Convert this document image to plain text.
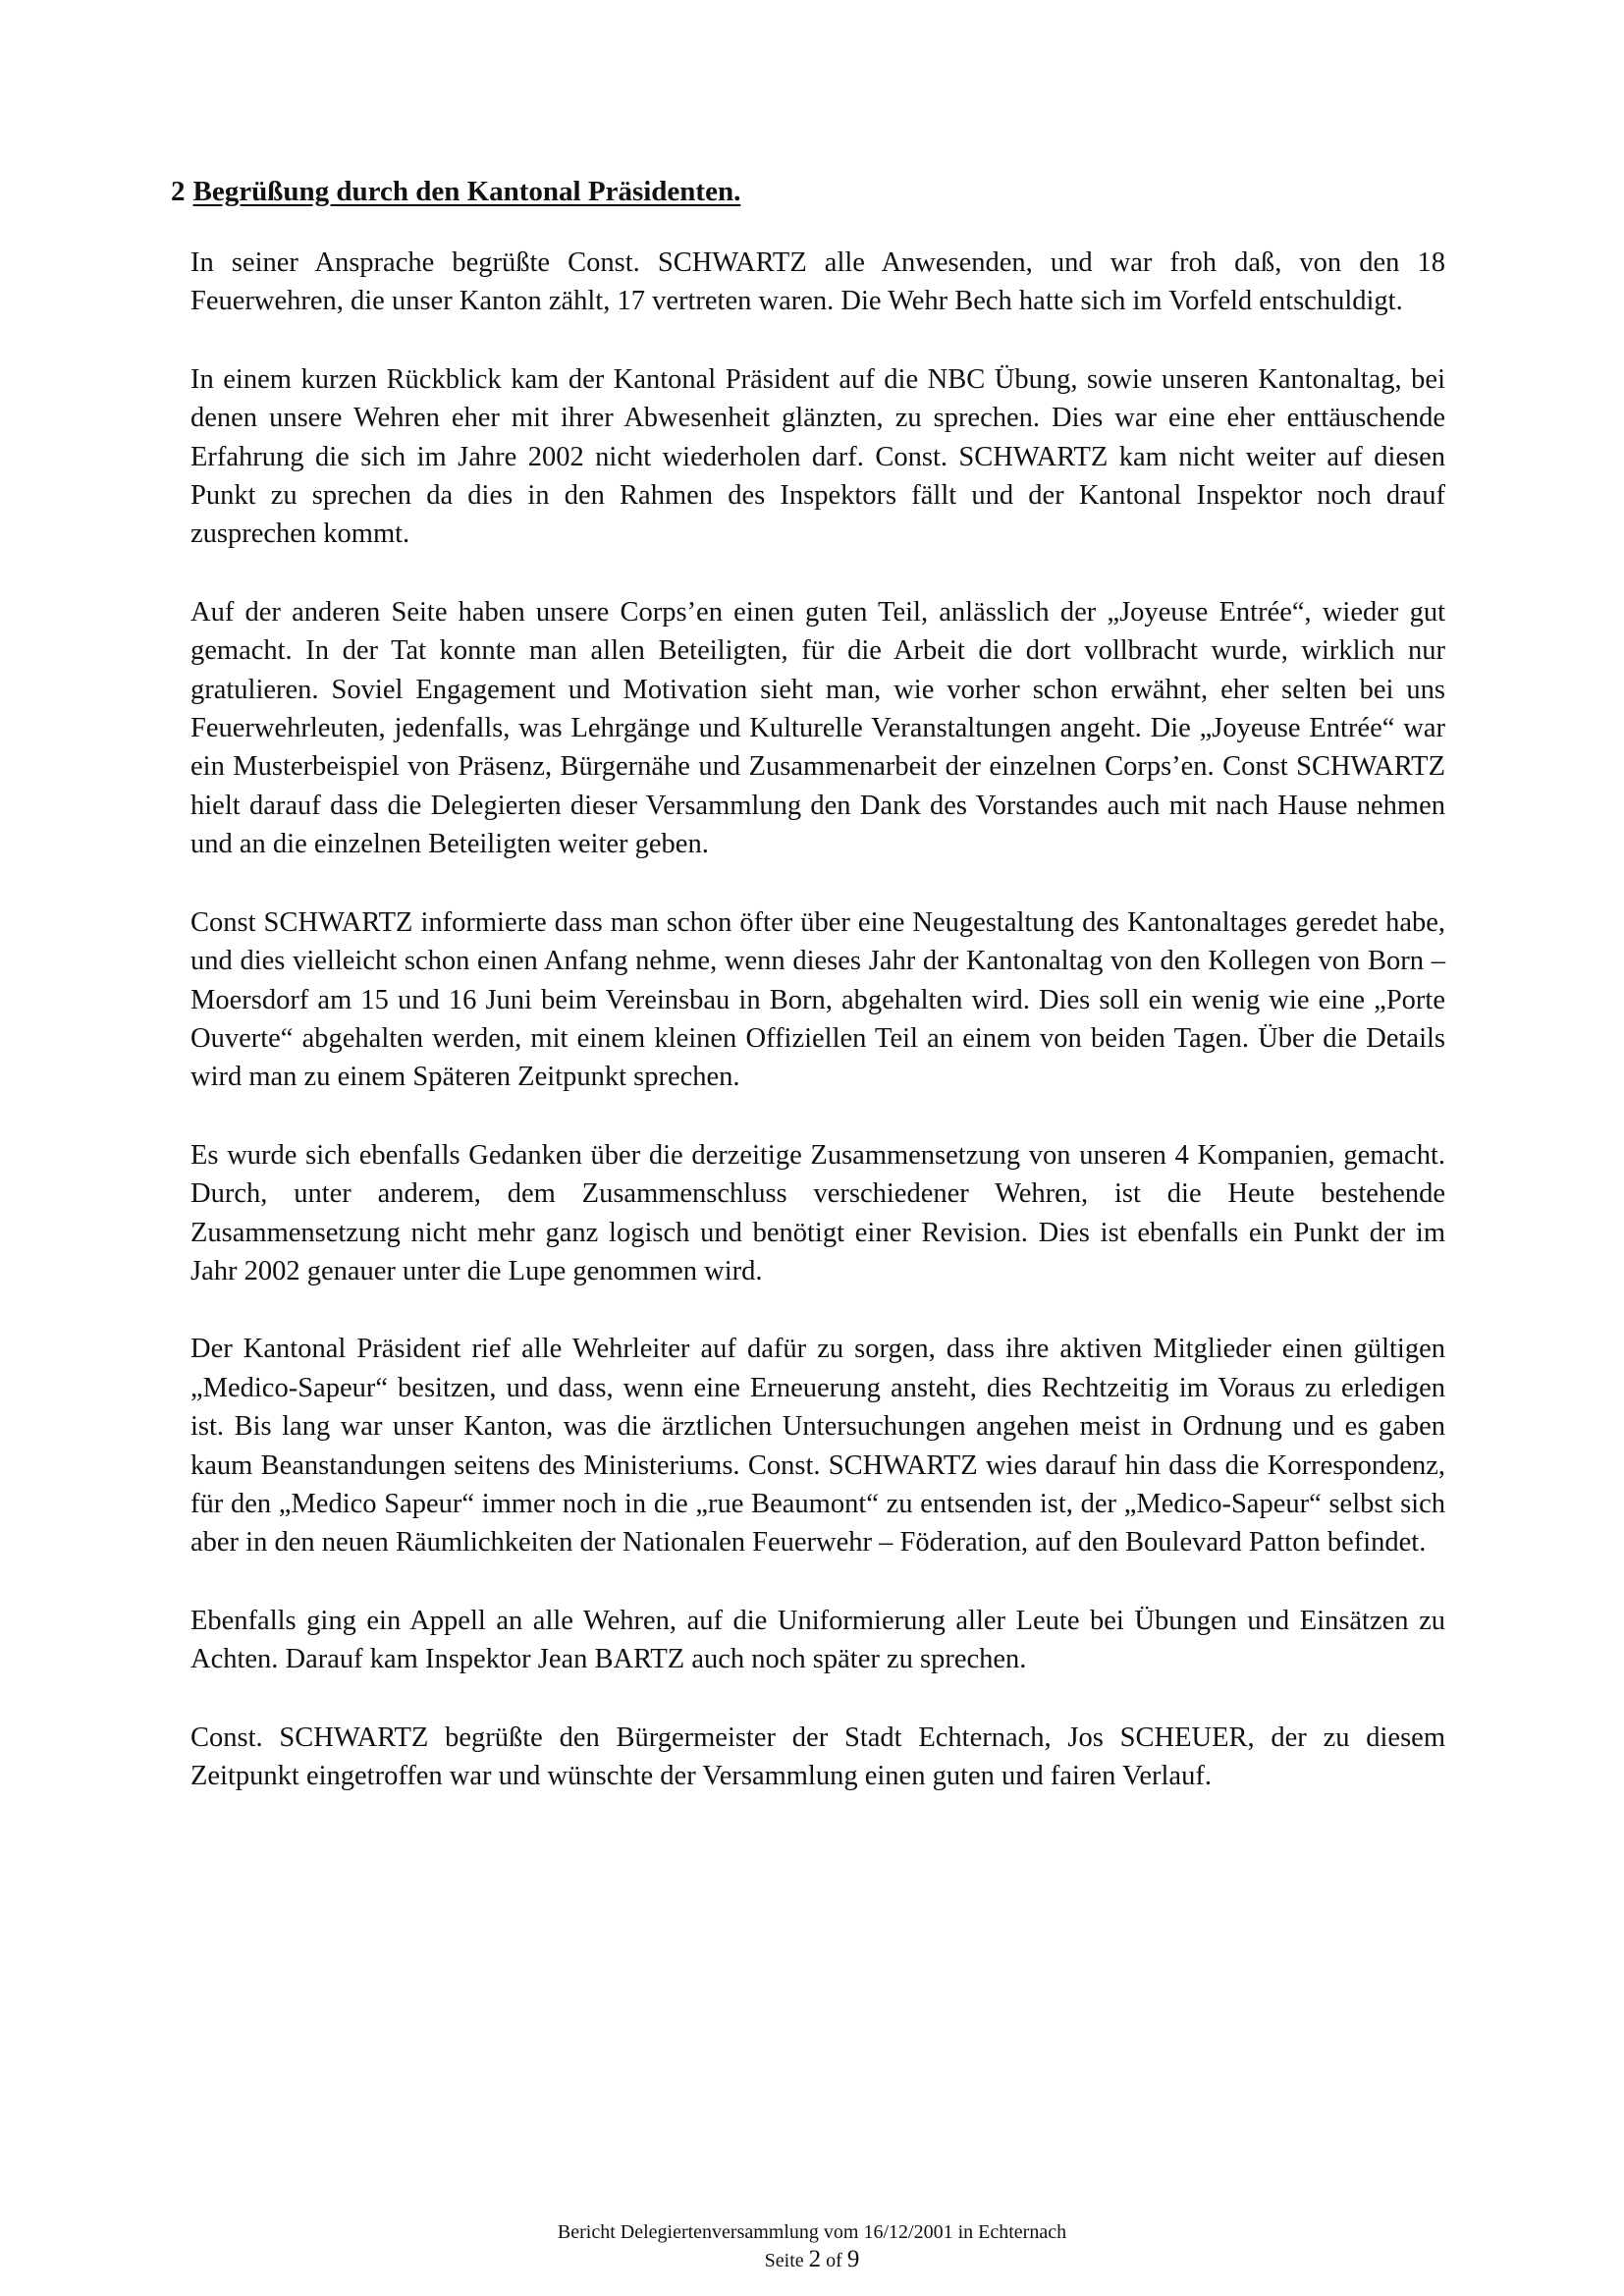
2 Begrüßung durch den Kantonal Präsidenten.

In seiner Ansprache begrüßte Const. SCHWARTZ alle Anwesenden, und war froh daß, von den 18 Feuerwehren, die unser Kanton zählt, 17 vertreten waren. Die Wehr Bech hatte sich im Vorfeld entschuldigt.

In einem kurzen Rückblick kam der Kantonal Präsident auf die NBC Übung, sowie unseren Kantonaltag, bei denen unsere Wehren eher mit ihrer Abwesenheit glänzten, zu sprechen. Dies war eine eher enttäuschende Erfahrung die sich im Jahre 2002 nicht wiederholen darf. Const. SCHWARTZ kam nicht weiter auf diesen Punkt zu sprechen da dies in den Rahmen des Inspektors fällt und der Kantonal Inspektor noch drauf zusprechen kommt.

Auf der anderen Seite haben unsere Corps’en einen guten Teil, anlässlich der „Joyeuse Entrée“, wieder gut gemacht. In der Tat konnte man allen Beteiligten, für die Arbeit die dort vollbracht wurde, wirklich nur gratulieren. Soviel Engagement und Motivation sieht man, wie vorher schon erwähnt, eher selten bei uns Feuerwehrleuten, jedenfalls, was Lehrgänge und Kulturelle Veranstaltungen angeht. Die „Joyeuse Entrée“ war ein Musterbeispiel von Präsenz, Bürgernähe und Zusammenarbeit der einzelnen Corps’en. Const SCHWARTZ hielt darauf dass die Delegierten dieser Versammlung den Dank des Vorstandes auch mit nach Hause nehmen und an die einzelnen Beteiligten weiter geben.

Const SCHWARTZ informierte dass man schon öfter über eine Neugestaltung des Kantonaltages geredet habe, und dies vielleicht schon einen Anfang nehme, wenn dieses Jahr der Kantonaltag von den Kollegen von Born – Moersdorf am 15 und 16 Juni beim Vereinsbau in Born, abgehalten wird. Dies soll ein wenig wie eine „Porte Ouverte“ abgehalten werden, mit einem kleinen Offiziellen Teil an einem von beiden Tagen. Über die Details wird man zu einem Späteren Zeitpunkt sprechen.

Es wurde sich ebenfalls Gedanken über die derzeitige Zusammensetzung von unseren 4 Kompanien, gemacht. Durch, unter anderem, dem Zusammenschluss verschiedener Wehren, ist die Heute bestehende Zusammensetzung nicht mehr ganz logisch und benötigt einer Revision. Dies ist ebenfalls ein Punkt der im Jahr 2002 genauer unter die Lupe genommen wird.

Der Kantonal Präsident rief alle Wehrleiter auf dafür zu sorgen, dass ihre aktiven Mitglieder einen gültigen „Medico-Sapeur“ besitzen, und dass, wenn eine Erneuerung ansteht, dies Rechtzeitig im Voraus zu erledigen ist. Bis lang war unser Kanton, was die ärztlichen Untersuchungen angehen meist in Ordnung und es gaben kaum Beanstandungen seitens des Ministeriums. Const. SCHWARTZ wies darauf hin dass die Korrespondenz, für den „Medico Sapeur“ immer noch in die „rue Beaumont“ zu entsenden ist, der „Medico-Sapeur“ selbst sich aber in den neuen Räumlichkeiten der Nationalen Feuerwehr – Föderation, auf den Boulevard Patton befindet.

Ebenfalls ging ein Appell an alle Wehren, auf die Uniformierung aller Leute bei Übungen und Einsätzen zu Achten. Darauf kam Inspektor Jean BARTZ auch noch später zu sprechen.

Const. SCHWARTZ begrüßte den Bürgermeister der Stadt Echternach, Jos SCHEUER, der zu diesem Zeitpunkt eingetroffen war und wünschte der Versammlung einen guten und fairen Verlauf.

Bericht Delegiertenversammlung vom 16/12/2001 in Echternach
Seite 2 of 9
